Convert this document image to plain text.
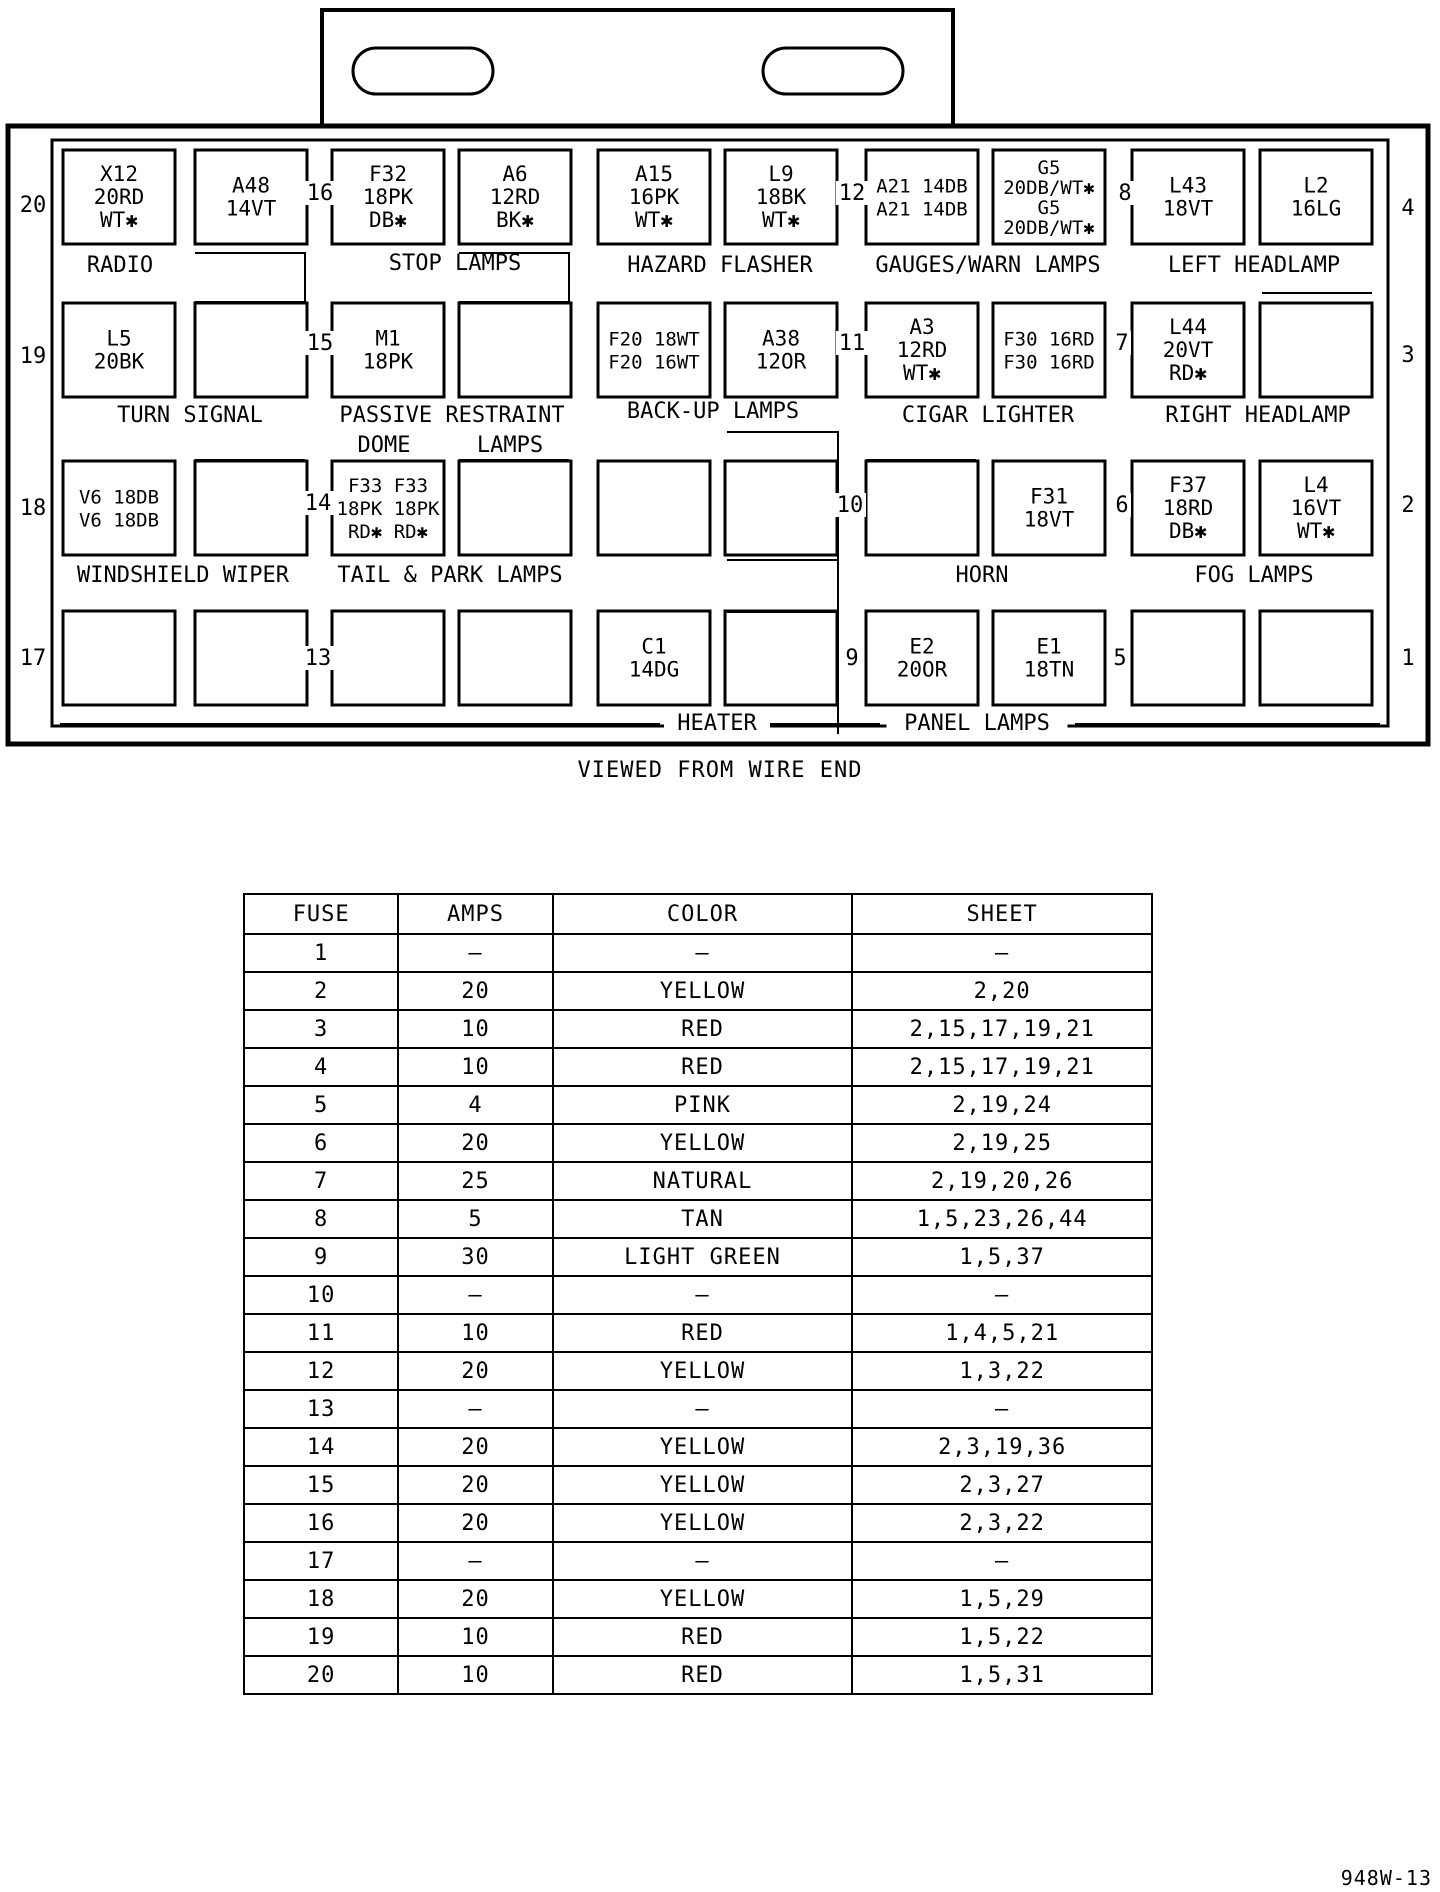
X12
20RD
WT✱
A48
14VT
F32
18PK
DB✱
A6
12RD
BK✱
A15
16PK
WT✱
L9
18BK
WT✱
A21 14DB
A21 14DB
G5
20DB/WT✱
G5
20DB/WT✱
L43
18VT
L2
16LG
L5
20BK
M1
18PK
F20 18WT
F20 16WT
A38
12OR
A3
12RD
WT✱
F30 16RD
F30 16RD
L44
20VT
RD✱
V6 18DB
V6 18DB
F33 F33
18PK 18PK
RD✱ RD✱
F31
18VT
F37
18RD
DB✱
L4
16VT
WT✱
C1
14DG
E2
20OR
E1
18TN
RADIO	STOP LAMPS	HAZARD FLASHER	GAUGES/WARN LAMPS	LEFT HEADLAMP
TURN SIGNAL	PASSIVE RESTRAINT
DOME	LAMPS
BACK-UP LAMPS	CIGAR LIGHTER	RIGHT HEADLAMP
WINDSHIELD WIPER TAIL & PARK LAMPS	HORN	FOG LAMPS
HEATER	PANEL LAMPS
20
19
18
17
16
15
14
13
12
11
10
9
8
7
6
5
4
3
2
1
VIEWED FROM WIRE END
FUSE	AMPS	COLOR	SHEET
1	—	—	—
2	20	YELLOW	2,20
3	10	RED	2,15,17,19,21
4	10	RED	2,15,17,19,21
5	4	PINK	2,19,24
6	20	YELLOW	2,19,25
7	25	NATURAL	2,19,20,26
8	5	TAN	1,5,23,26,44
9	30	LIGHT GREEN	1,5,37
10	—	—	—
11	10	RED	1,4,5,21
12	20	YELLOW	1,3,22
13	—	—	—
14	20	YELLOW	2,3,19,36
15	20	YELLOW	2,3,27
16	20	YELLOW	2,3,22
17	—	—	—
18	20	YELLOW	1,5,29
19	10	RED	1,5,22
20	10	RED	1,5,31
948W-13
